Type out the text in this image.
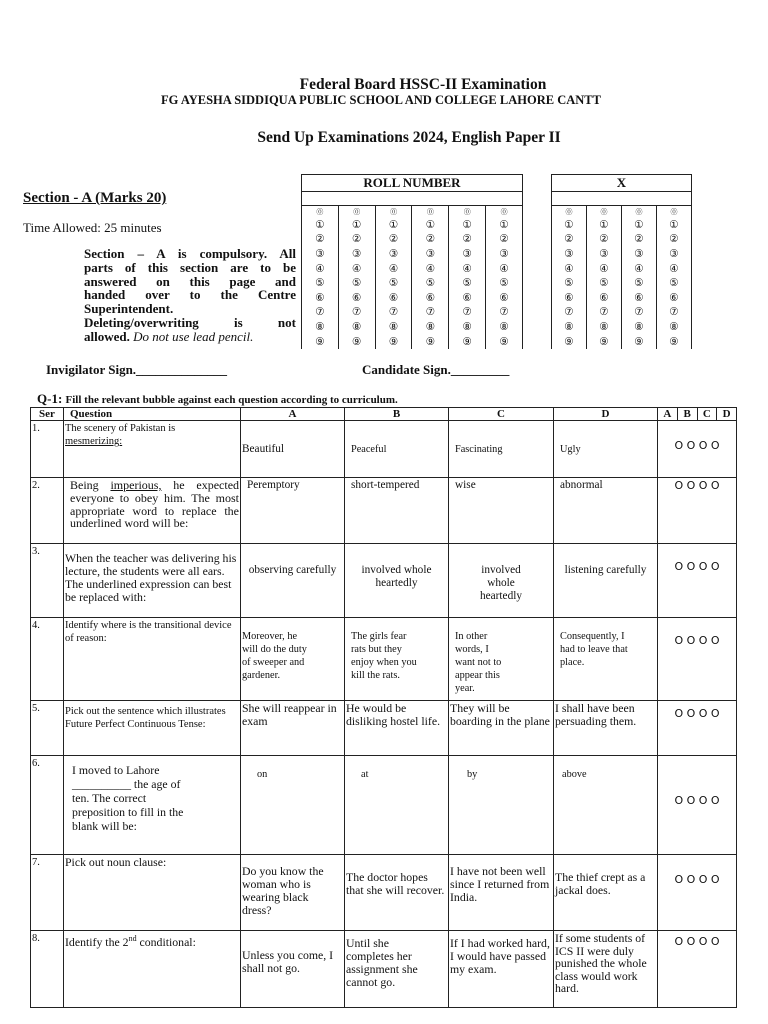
Federal Board HSSC-II Examination
FG AYESHA SIDDIQUA PUBLIC SCHOOL AND COLLEGE LAHORE CANTT
Send Up Examinations 2024, English Paper II
Section - A (Marks 20)
Time Allowed: 25 minutes
Section – A is compulsory. All
parts of this section are to be
answered on this page and
handed over to the Centre
Superintendent.
Deleting/overwriting is not
allowed. Do not use lead pencil.
ROLL NUMBER					

⓪	⓪	⓪	⓪	⓪	⓪
①	①	①	①	①	①
②	②	②	②	②	②
③	③	③	③	③	③
④	④	④	④	④	④
⑤	⑤	⑤	⑤	⑤	⑤
⑥	⑥	⑥	⑥	⑥	⑥
⑦	⑦	⑦	⑦	⑦	⑦
⑧	⑧	⑧	⑧	⑧	⑧
⑨	⑨	⑨	⑨	⑨	⑨
X			

⓪	⓪	⓪	⓪
①	①	①	①
②	②	②	②
③	③	③	③
④	④	④	④
⑤	⑤	⑤	⑤
⑥	⑥	⑥	⑥
⑦	⑦	⑦	⑦
⑧	⑧	⑧	⑧
⑨	⑨	⑨	⑨
Invigilator Sign.______________	Candidate Sign._________
Q-1: Fill the relevant bubble against each question according to curriculum.
Ser	Question	A	B	C	D	A B C D

1.	The scenery of Pakistan is
mesmerizing:	Beautiful	Peaceful	Fascinating	Ugly	O O O O
2.	Being imperious, he expected everyone to obey him. The most appropriate word to replace the underlined word will be:	Peremptory	short-tempered	wise	abnormal	O O O O
3.	When the teacher was delivering his lecture, the students were all ears. The underlined expression can best be replaced with:	observing carefully	involved whole heartedly	involved whole heartedly	listening carefully	O O O O
4.	Identify where is the transitional device of reason:	Moreover, he will do the duty of sweeper and gardener.	The girls fear rats but they enjoy when you kill the rats.	In other words, I want not to appear this year.	Consequently, I had to leave that place.	O O O O
5.	Pick out the sentence which illustrates Future Perfect Continuous Tense:	She will reappear in exam	He would be disliking hostel life.	They will be boarding in the plane	I shall have been persuading them.	O O O O
6.	I moved to Lahore
__________ the age of
ten. The correct
preposition to fill in the
blank will be:	on	at	by	above	O O O O
7.	Pick out noun clause:	Do you know the woman who is wearing black dress?	The doctor hopes that she will recover.	I have not been well since I returned from India.	The thief crept as a jackal does.	O O O O
8.	Identify the 2nd conditional:	Unless you come, I shall not go.	Until she completes her assignment she cannot go.	If I had worked hard, I would have passed my exam.	If some students of ICS II were duly punished the whole class would work hard.	O O O O
